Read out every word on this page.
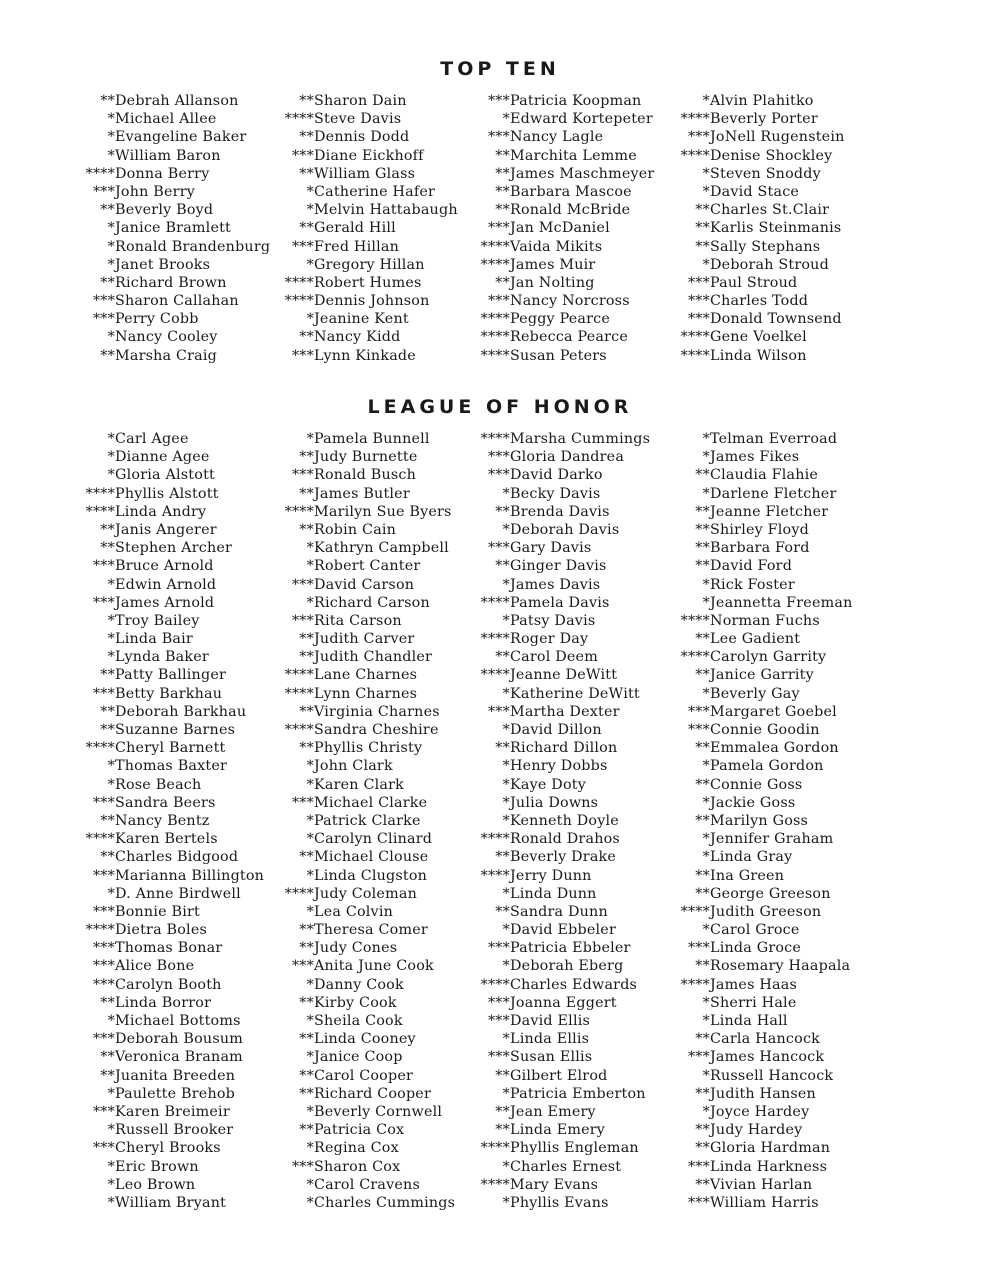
TOP TEN
**Debrah Allanson
*Michael Allee
*Evangeline Baker
*William Baron
****Donna Berry
***John Berry
**Beverly Boyd
*Janice Bramlett
*Ronald Brandenburg
*Janet Brooks
**Richard Brown
***Sharon Callahan
***Perry Cobb
*Nancy Cooley
**Marsha Craig
**Sharon Dain
****Steve Davis
**Dennis Dodd
***Diane Eickhoff
**William Glass
*Catherine Hafer
*Melvin Hattabaugh
**Gerald Hill
***Fred Hillan
*Gregory Hillan
****Robert Humes
****Dennis Johnson
*Jeanine Kent
**Nancy Kidd
***Lynn Kinkade
***Patricia Koopman
*Edward Kortepeter
***Nancy Lagle
**Marchita Lemme
**James Maschmeyer
**Barbara Mascoe
**Ronald McBride
***Jan McDaniel
****Vaida Mikits
****James Muir
**Jan Nolting
***Nancy Norcross
****Peggy Pearce
****Rebecca Pearce
****Susan Peters
*Alvin Plahitko
****Beverly Porter
***JoNell Rugenstein
****Denise Shockley
*Steven Snoddy
*David Stace
**Charles St.Clair
**Karlis Steinmanis
**Sally Stephans
*Deborah Stroud
***Paul Stroud
***Charles Todd
***Donald Townsend
****Gene Voelkel
****Linda Wilson
LEAGUE OF HONOR
*Carl Agee
*Dianne Agee
*Gloria Alstott
****Phyllis Alstott
****Linda Andry
**Janis Angerer
**Stephen Archer
***Bruce Arnold
*Edwin Arnold
***James Arnold
*Troy Bailey
*Linda Bair
*Lynda Baker
**Patty Ballinger
***Betty Barkhau
**Deborah Barkhau
**Suzanne Barnes
****Cheryl Barnett
*Thomas Baxter
*Rose Beach
***Sandra Beers
**Nancy Bentz
****Karen Bertels
**Charles Bidgood
***Marianna Billington
*D. Anne Birdwell
***Bonnie Birt
****Dietra Boles
***Thomas Bonar
***Alice Bone
***Carolyn Booth
**Linda Borror
*Michael Bottoms
***Deborah Bousum
**Veronica Branam
**Juanita Breeden
*Paulette Brehob
***Karen Breimeir
*Russell Brooker
***Cheryl Brooks
*Eric Brown
*Leo Brown
*William Bryant
*Pamela Bunnell
**Judy Burnette
***Ronald Busch
**James Butler
****Marilyn Sue Byers
**Robin Cain
*Kathryn Campbell
*Robert Canter
***David Carson
*Richard Carson
***Rita Carson
**Judith Carver
**Judith Chandler
****Lane Charnes
****Lynn Charnes
**Virginia Charnes
****Sandra Cheshire
**Phyllis Christy
*John Clark
*Karen Clark
***Michael Clarke
*Patrick Clarke
*Carolyn Clinard
**Michael Clouse
*Linda Clugston
****Judy Coleman
*Lea Colvin
**Theresa Comer
**Judy Cones
***Anita June Cook
*Danny Cook
**Kirby Cook
*Sheila Cook
**Linda Cooney
*Janice Coop
**Carol Cooper
**Richard Cooper
*Beverly Cornwell
**Patricia Cox
*Regina Cox
***Sharon Cox
*Carol Cravens
*Charles Cummings
****Marsha Cummings
***Gloria Dandrea
***David Darko
*Becky Davis
**Brenda Davis
*Deborah Davis
***Gary Davis
**Ginger Davis
*James Davis
****Pamela Davis
*Patsy Davis
****Roger Day
**Carol Deem
****Jeanne DeWitt
*Katherine DeWitt
***Martha Dexter
*David Dillon
**Richard Dillon
*Henry Dobbs
*Kaye Doty
*Julia Downs
*Kenneth Doyle
****Ronald Drahos
**Beverly Drake
****Jerry Dunn
*Linda Dunn
**Sandra Dunn
*David Ebbeler
***Patricia Ebbeler
*Deborah Eberg
****Charles Edwards
***Joanna Eggert
***David Ellis
*Linda Ellis
***Susan Ellis
**Gilbert Elrod
*Patricia Emberton
**Jean Emery
**Linda Emery
****Phyllis Engleman
*Charles Ernest
****Mary Evans
*Phyllis Evans
*Telman Everroad
*James Fikes
**Claudia Flahie
*Darlene Fletcher
**Jeanne Fletcher
**Shirley Floyd
**Barbara Ford
**David Ford
*Rick Foster
*Jeannetta Freeman
****Norman Fuchs
**Lee Gadient
****Carolyn Garrity
**Janice Garrity
*Beverly Gay
***Margaret Goebel
***Connie Goodin
**Emmalea Gordon
*Pamela Gordon
**Connie Goss
*Jackie Goss
**Marilyn Goss
*Jennifer Graham
*Linda Gray
**Ina Green
**George Greeson
****Judith Greeson
*Carol Groce
***Linda Groce
**Rosemary Haapala
****James Haas
*Sherri Hale
*Linda Hall
**Carla Hancock
***James Hancock
*Russell Hancock
**Judith Hansen
*Joyce Hardey
**Judy Hardey
**Gloria Hardman
***Linda Harkness
**Vivian Harlan
***William Harris
